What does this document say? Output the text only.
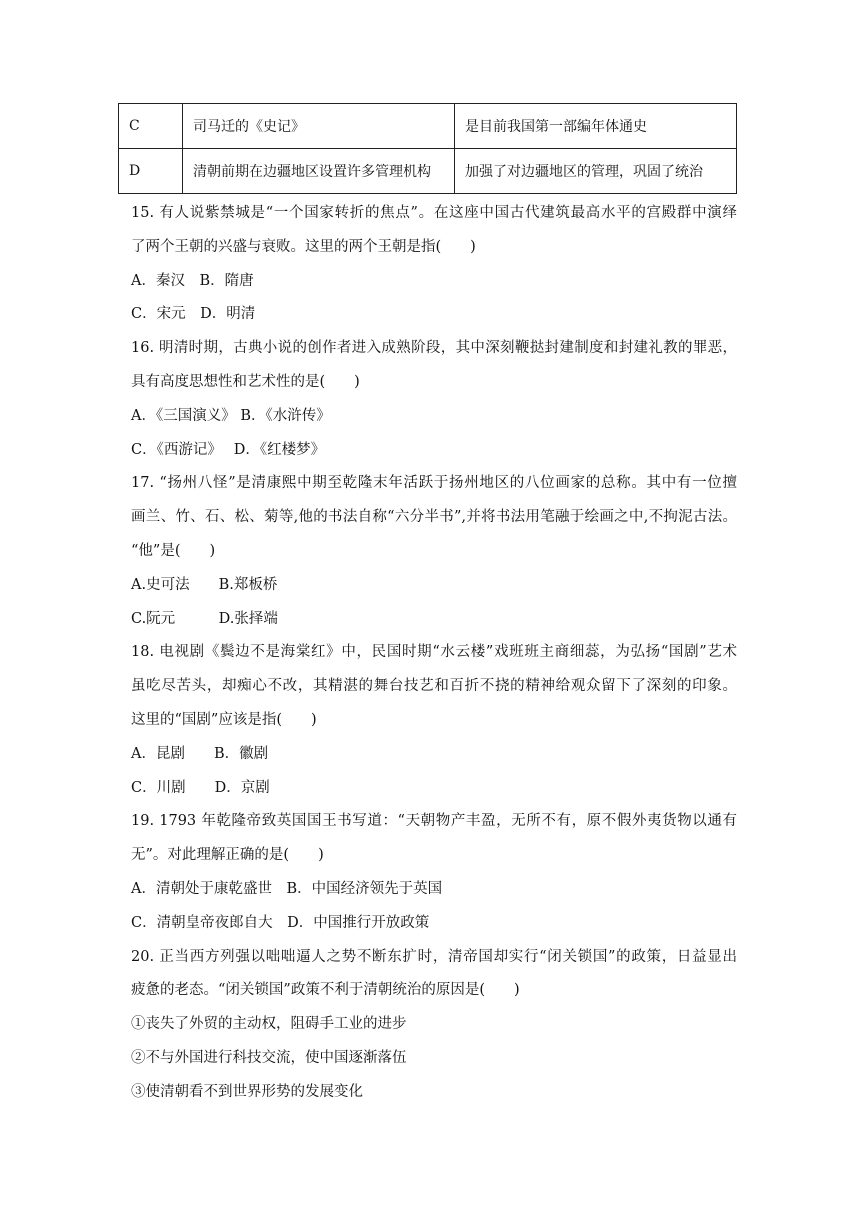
C	司马迁的《史记》	是目前我国第一部编年体通史
D	清朝前期在边疆地区设置许多管理机构	加强了对边疆地区的管理，巩固了统治
15. 有人说紫禁城是“一个国家转折的焦点”。在这座中国古代建筑最高水平的宫殿群中演绎
了两个王朝的兴盛与衰败。这里的两个王朝是指(　　)
A．秦汉　B．隋唐
C．宋元　D．明清
16. 明清时期，古典小说的创作者进入成熟阶段，其中深刻鞭挞封建制度和封建礼教的罪恶，
具有高度思想性和艺术性的是(　　)
A．《三国演义》 B．《水浒传》
C．《西游记》　 D．《红楼梦》
17. “扬州八怪”是清康熙中期至乾隆末年活跃于扬州地区的八位画家的总称。其中有一位擅
画兰、竹、石、松、菊等,他的书法自称“六分半书”,并将书法用笔融于绘画之中,不拘泥古法。
“他”是(　　)
A.史可法　　B.郑板桥
C.阮元　　　D.张择端
18. 电视剧《鬓边不是海棠红》中，民国时期“水云楼”戏班班主商细蕊，为弘扬“国剧”艺术
虽吃尽苦头，却痴心不改，其精湛的舞台技艺和百折不挠的精神给观众留下了深刻的印象。
这里的“国剧”应该是指(　　)
A．昆剧　　B．徽剧
C．川剧　　D．京剧
19. 1793 年乾隆帝致英国国王书写道：“天朝物产丰盈，无所不有，原不假外夷货物以通有
无”。对此理解正确的是(　　)
A．清朝处于康乾盛世　B．中国经济领先于英国
C．清朝皇帝夜郎自大　D．中国推行开放政策
20. 正当西方列强以咄咄逼人之势不断东扩时，清帝国却实行“闭关锁国”的政策，日益显出
疲惫的老态。“闭关锁国”政策不利于清朝统治的原因是(　　)
①丧失了外贸的主动权，阻碍手工业的进步
②不与外国进行科技交流，使中国逐渐落伍
③使清朝看不到世界形势的发展变化
